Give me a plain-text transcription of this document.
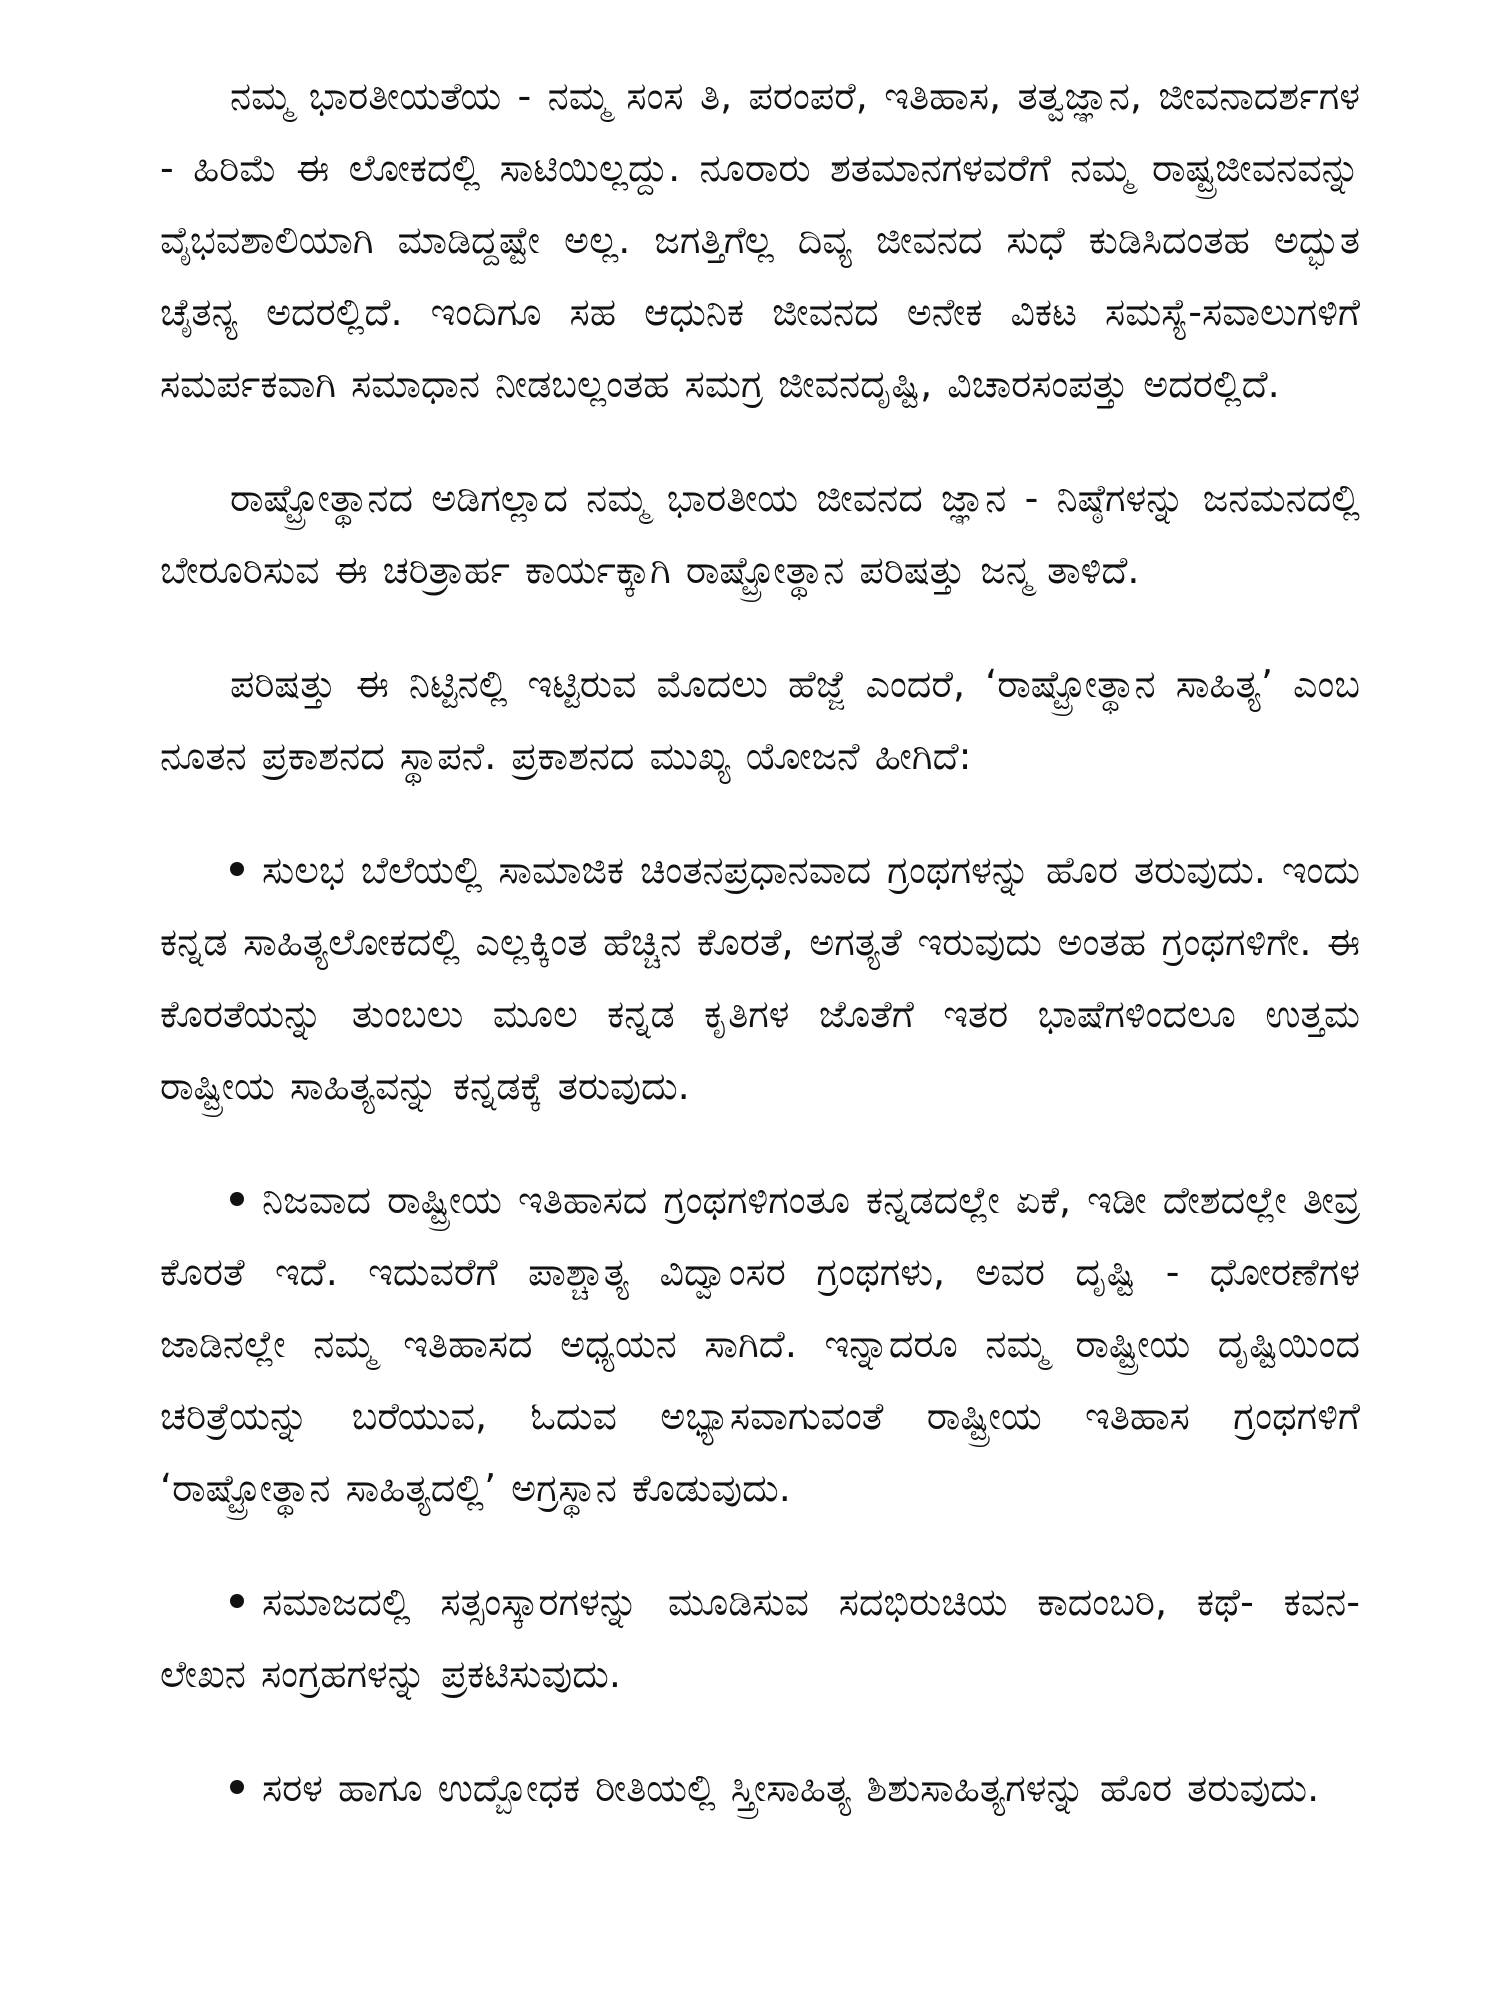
ನಮ್ಮ ಭಾರತೀಯತೆಯ - ನಮ್ಮ ಸಂಸ ತಿ, ಪರಂಪರೆ, ಇತಿಹಾಸ, ತತ್ವಜ್ಞಾನ, ಜೀವನಾದರ್ಶಗಳ - ಹಿರಿಮೆ ಈ ಲೋಕದಲ್ಲಿ ಸಾಟಿಯಿಲ್ಲದ್ದು. ನೂರಾರು ಶತಮಾನಗಳವರೆಗೆ ನಮ್ಮ ರಾಷ್ಟ್ರಜೀವನವನ್ನು ವೈಭವಶಾಲಿಯಾಗಿ ಮಾಡಿದ್ದಷ್ಟೇ ಅಲ್ಲ. ಜಗತ್ತಿಗೆಲ್ಲ ದಿವ್ಯ ಜೀವನದ ಸುಧೆ ಕುಡಿಸಿದಂತಹ ಅದ್ಭುತ ಚೈತನ್ಯ ಅದರಲ್ಲಿದೆ. ಇಂದಿಗೂ ಸಹ ಆಧುನಿಕ ಜೀವನದ ಅನೇಕ ವಿಕಟ ಸಮಸ್ಯೆ-ಸವಾಲುಗಳಿಗೆ ಸಮರ್ಪಕವಾಗಿ ಸಮಾಧಾನ ನೀಡಬಲ್ಲಂತಹ ಸಮಗ್ರ ಜೀವನದೃಷ್ಟಿ, ವಿಚಾರಸಂಪತ್ತು ಅದರಲ್ಲಿದೆ.

ರಾಷ್ಟ್ರೋತ್ಥಾನದ ಅಡಿಗಲ್ಲಾದ ನಮ್ಮ ಭಾರತೀಯ ಜೀವನದ ಜ್ಞಾನ - ನಿಷ್ಠೆಗಳನ್ನು ಜನಮನದಲ್ಲಿ ಬೇರೂರಿಸುವ ಈ ಚರಿತ್ರಾರ್ಹ ಕಾರ್ಯಕ್ಕಾಗಿ ರಾಷ್ಟ್ರೋತ್ಥಾನ ಪರಿಷತ್ತು ಜನ್ಮ ತಾಳಿದೆ.

ಪರಿಷತ್ತು ಈ ನಿಟ್ಟಿನಲ್ಲಿ ಇಟ್ಟಿರುವ ಮೊದಲು ಹೆಜ್ಜೆ ಎಂದರೆ, ‘ರಾಷ್ಟ್ರೋತ್ಥಾನ ಸಾಹಿತ್ಯ’ ಎಂಬ ನೂತನ ಪ್ರಕಾಶನದ ಸ್ಥಾಪನೆ. ಪ್ರಕಾಶನದ ಮುಖ್ಯ ಯೋಜನೆ ಹೀಗಿದೆ:

ಸುಲಭ ಬೆಲೆಯಲ್ಲಿ ಸಾಮಾಜಿಕ ಚಿಂತನಪ್ರಧಾನವಾದ ಗ್ರಂಥಗಳನ್ನು ಹೊರ ತರುವುದು. ಇಂದು ಕನ್ನಡ ಸಾಹಿತ್ಯಲೋಕದಲ್ಲಿ ಎಲ್ಲಕ್ಕಿಂತ ಹೆಚ್ಚಿನ ಕೊರತೆ, ಅಗತ್ಯತೆ ಇರುವುದು ಅಂತಹ ಗ್ರಂಥಗಳಿಗೇ. ಈ ಕೊರತೆಯನ್ನು ತುಂಬಲು ಮೂಲ ಕನ್ನಡ ಕೃತಿಗಳ ಜೊತೆಗೆ ಇತರ ಭಾಷೆಗಳಿಂದಲೂ ಉತ್ತಮ ರಾಷ್ಟ್ರೀಯ ಸಾಹಿತ್ಯವನ್ನು ಕನ್ನಡಕ್ಕೆ ತರುವುದು.

ನಿಜವಾದ ರಾಷ್ಟ್ರೀಯ ಇತಿಹಾಸದ ಗ್ರಂಥಗಳಿಗಂತೂ ಕನ್ನಡದಲ್ಲೇ ಏಕೆ, ಇಡೀ ದೇಶದಲ್ಲೇ ತೀವ್ರ ಕೊರತೆ ಇದೆ. ಇದುವರೆಗೆ ಪಾಶ್ಚಾತ್ಯ ವಿದ್ವಾಂಸರ ಗ್ರಂಥಗಳು, ಅವರ ದೃಷ್ಟಿ - ಧೋರಣೆಗಳ ಜಾಡಿನಲ್ಲೇ ನಮ್ಮ ಇತಿಹಾಸದ ಅಧ್ಯಯನ ಸಾಗಿದೆ. ಇನ್ನಾದರೂ ನಮ್ಮ ರಾಷ್ಟ್ರೀಯ ದೃಷ್ಟಿಯಿಂದ ಚರಿತ್ರೆಯನ್ನು ಬರೆಯುವ, ಓದುವ ಅಭ್ಯಾಸವಾಗುವಂತೆ ರಾಷ್ಟ್ರೀಯ ಇತಿಹಾಸ ಗ್ರಂಥಗಳಿಗೆ ‘ರಾಷ್ಟ್ರೋತ್ಥಾನ ಸಾಹಿತ್ಯದಲ್ಲಿ’ ಅಗ್ರಸ್ಥಾನ ಕೊಡುವುದು.

ಸಮಾಜದಲ್ಲಿ ಸತ್ಸಂಸ್ಕಾರಗಳನ್ನು ಮೂಡಿಸುವ ಸದಭಿರುಚಿಯ ಕಾದಂಬರಿ, ಕಥೆ- ಕವನ- ಲೇಖನ ಸಂಗ್ರಹಗಳನ್ನು ಪ್ರಕಟಿಸುವುದು.

ಸರಳ ಹಾಗೂ ಉದ್ಬೋಧಕ ರೀತಿಯಲ್ಲಿ ಸ್ತ್ರೀಸಾಹಿತ್ಯ ಶಿಶುಸಾಹಿತ್ಯಗಳನ್ನು ಹೊರ ತರುವುದು.
